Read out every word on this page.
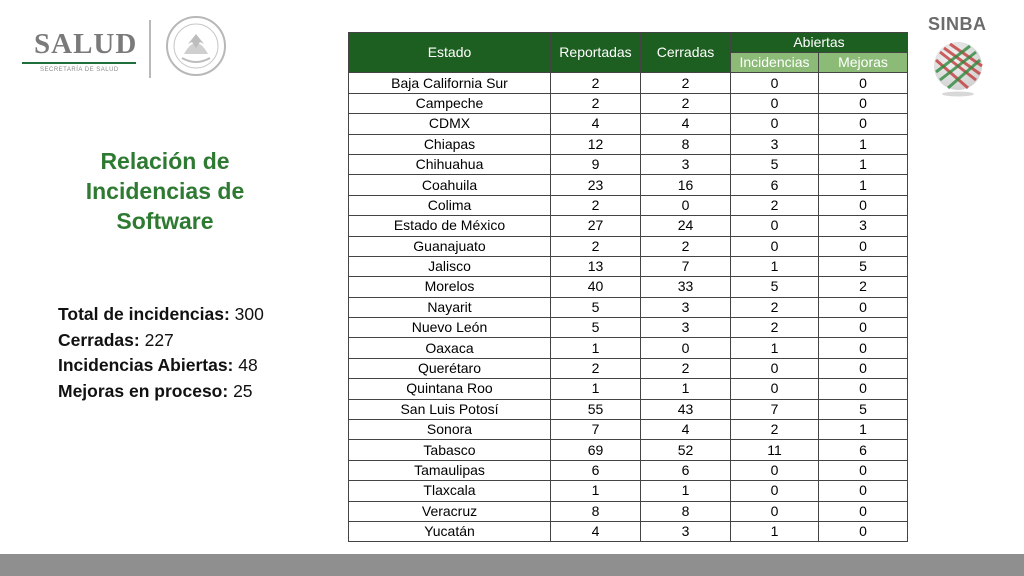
SALUD
SECRETARÍA DE SALUD
SINBA
Relación de Incidencias de Software
Total de incidencias: 300
Cerradas: 227
Incidencias Abiertas: 48
Mejoras en proceso: 25
Estado	Reportadas	Cerradas	Abiertas	
			Incidencias	Mejoras
Baja California Sur	2	2	0	0
Campeche	2	2	0	0
CDMX	4	4	0	0
Chiapas	12	8	3	1
Chihuahua	9	3	5	1
Coahuila	23	16	6	1
Colima	2	0	2	0
Estado de México	27	24	0	3
Guanajuato	2	2	0	0
Jalisco	13	7	1	5
Morelos	40	33	5	2
Nayarit	5	3	2	0
Nuevo León	5	3	2	0
Oaxaca	1	0	1	0
Querétaro	2	2	0	0
Quintana Roo	1	1	0	0
San Luis Potosí	55	43	7	5
Sonora	7	4	2	1
Tabasco	69	52	11	6
Tamaulipas	6	6	0	0
Tlaxcala	1	1	0	0
Veracruz	8	8	0	0
Yucatán	4	3	1	0
